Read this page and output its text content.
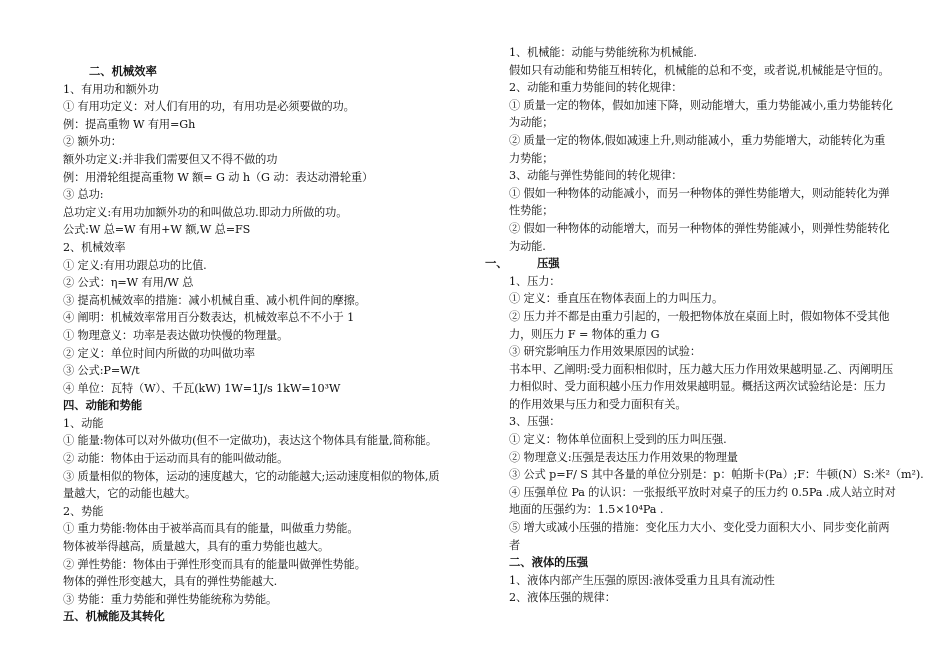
二、机械效率
1、有用功和额外功
① 有用功定义：对人们有用的功，有用功是必须要做的功。
例：提高重物 W 有用=Gh
② 额外功：
额外功定义:并非我们需要但又不得不做的功
例：用滑轮组提高重物 W 额= G 动 h（G 动：表达动滑轮重）
③ 总功:
总功定义:有用功加额外功的和叫做总功.即动力所做的功。
公式:W 总=W 有用+W 额,W 总=FS
2、机械效率
① 定义:有用功跟总功的比值.
② 公式：η=W 有用/W 总
③ 提高机械效率的措施：减小机械自重、减小机件间的摩擦。
④ 阐明：机械效率常用百分数表达，机械效率总不不小于 1
① 物理意义：功率是表达做功快慢的物理量。
② 定义：单位时间内所做的功叫做功率
③ 公式:P=W/t
④ 单位：瓦特（W）、千瓦(kW) 1W=1J/s 1kW=10³W
四、动能和势能
1、动能
① 能量:物体可以对外做功(但不一定做功)，表达这个物体具有能量,简称能。
② 动能：物体由于运动而具有的能叫做动能。
③ 质量相似的物体，运动的速度越大，它的动能越大;运动速度相似的物体,质
量越大，它的动能也越大。
2、势能
① 重力势能:物体由于被举高而具有的能量，叫做重力势能。
物体被举得越高，质量越大，具有的重力势能也越大。
② 弹性势能：物体由于弹性形变而具有的能量叫做弹性势能。
物体的弹性形变越大，具有的弹性势能越大.
③ 势能：重力势能和弹性势能统称为势能。
五、机械能及其转化
1、机械能：动能与势能统称为机械能.
假如只有动能和势能互相转化，机械能的总和不变，或者说,机械能是守恒的。
2、动能和重力势能间的转化规律：
① 质量一定的物体，假如加速下降，则动能增大，重力势能减小,重力势能转化
为动能；
② 质量一定的物体,假如减速上升,则动能减小，重力势能增大，动能转化为重
力势能；
3、动能与弹性势能间的转化规律：
① 假如一种物体的动能减小，而另一种物体的弹性势能增大，则动能转化为弹
性势能；
② 假如一种物体的动能增大，而另一种物体的弹性势能减小，则弹性势能转化
为动能.
一、	压强
1、压力：
① 定义：垂直压在物体表面上的力叫压力。
② 压力并不都是由重力引起的，一般把物体放在桌面上时，假如物体不受其他
力，则压力 F = 物体的重力 G
③ 研究影响压力作用效果原因的试验：
书本甲、乙阐明:受力面积相似时，压力越大压力作用效果越明显.乙、丙阐明压
力相似时、受力面积越小压力作用效果越明显。概括这两次试验结论是：压力
的作用效果与压力和受力面积有关。
3、压强：
① 定义：物体单位面积上受到的压力叫压强.
② 物理意义:压强是表达压力作用效果的物理量
③ 公式 p=F/ S 其中各量的单位分别是：p：帕斯卡(Pa）;F：牛顿(N）S:米²（m²).
④ 压强单位 Pa 的认识：一张报纸平放时对桌子的压力约 0.5Pa .成人站立时对
地面的压强约为：1.5×10⁴Pa .
⑤ 增大或减小压强的措施：变化压力大小、变化受力面积大小、同步变化前两
者
二、液体的压强
1、液体内部产生压强的原因:液体受重力且具有流动性
2、液体压强的规律：
